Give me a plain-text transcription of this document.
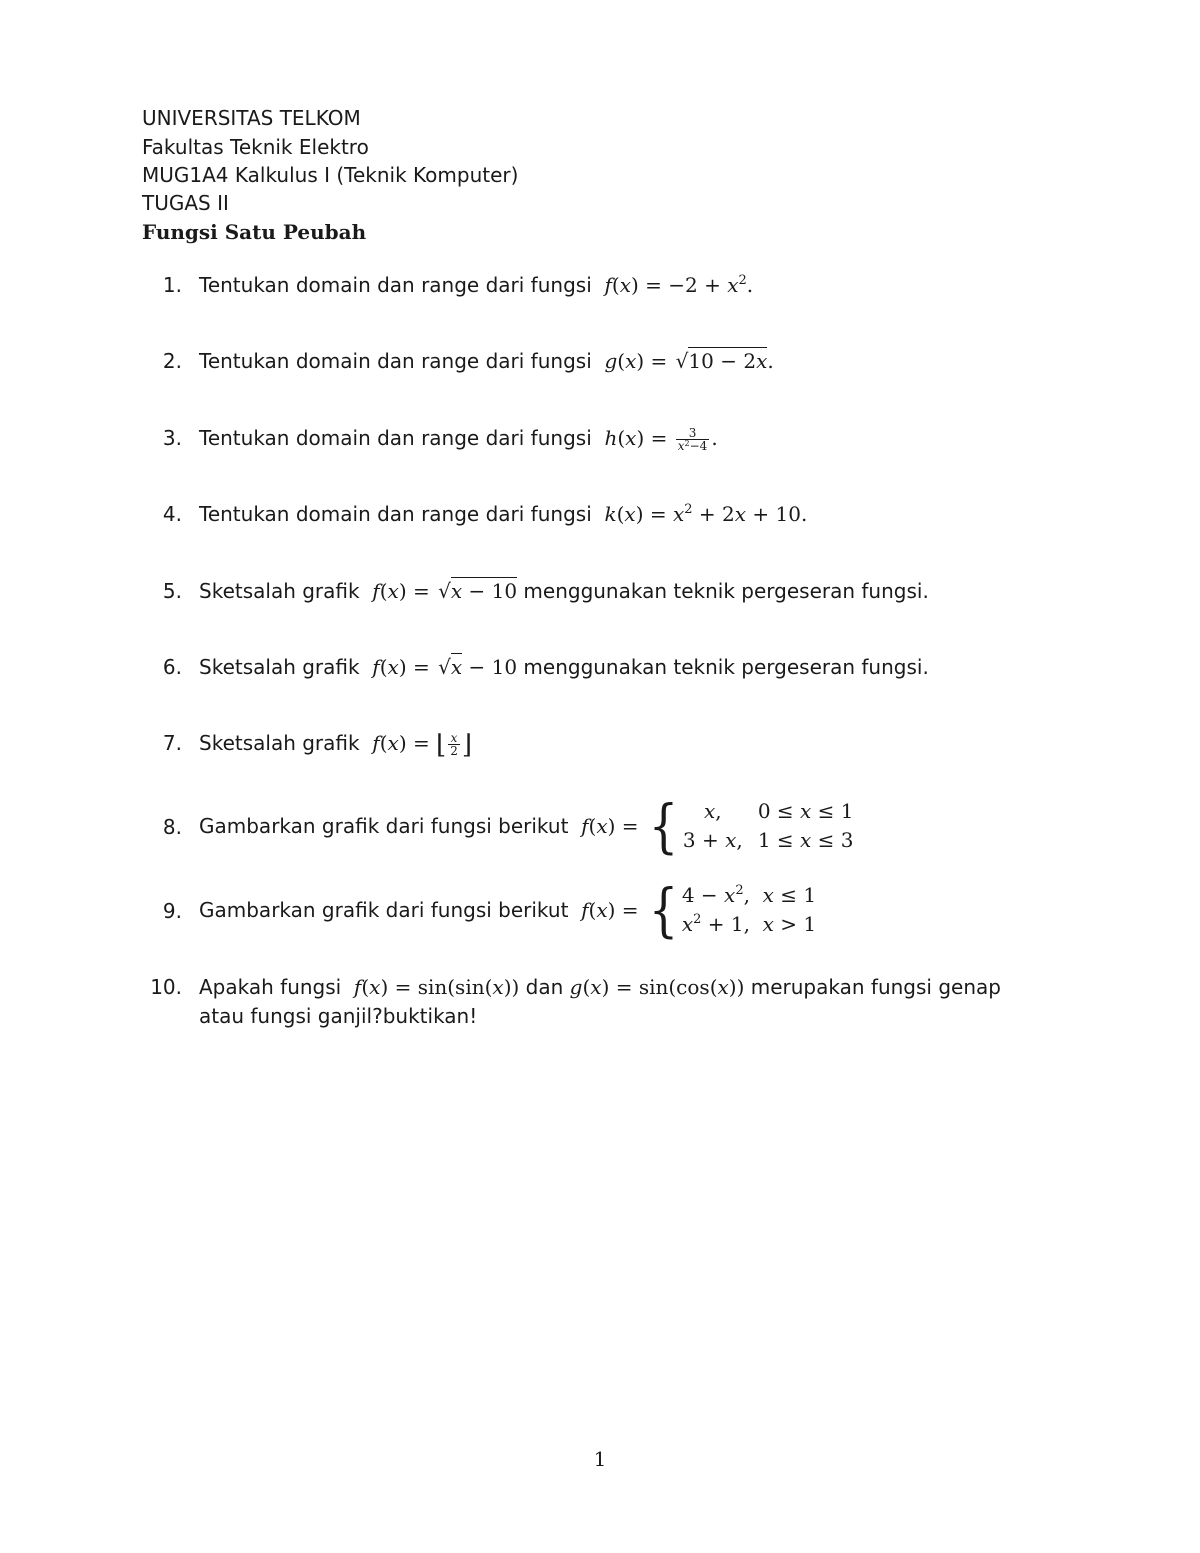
UNIVERSITAS TELKOM
Fakultas Teknik Elektro
MUG1A4 Kalkulus I (Teknik Komputer)
TUGAS II
Fungsi Satu Peubah
1. Tentukan domain dan range dari fungsi  $f(x) = -2 + x^2$.
2. Tentukan domain dan range dari fungsi  g(x) = √10 − 2x.
3. Tentukan domain dan range dari fungsi  $h(x) = \frac{3}{x^2-4}$ .
4. Tentukan domain dan range dari fungsi  $k(x) = x^2 + 2x + 10$.
5. Sketsalah grafik  f(x) = √x − 10 menggunakan teknik pergeseran fungsi.
6. Sketsalah grafik  f(x) = √x − 10 menggunakan teknik pergeseran fungsi.
7. Sketsalah grafik  f(x) = ⌊ $\frac{x}{2}$ ⌋
8. Gambarkan grafik dari fungsi berikut  f(x) = {	x, 0 ≤ x ≤ 1
3 + x, 1 ≤ x ≤ 3
9. Gambarkan grafik dari fungsi berikut  f(x) = { $4 - x^2$,  x ≤ 1
$x^2 + 1$,  x > 1
10. Apakah fungsi  f(x) = sin(sin(x)) dan g(x) = sin(cos(x)) merupakan fungsi genap
atau fungsi ganjil?buktikan!
1
